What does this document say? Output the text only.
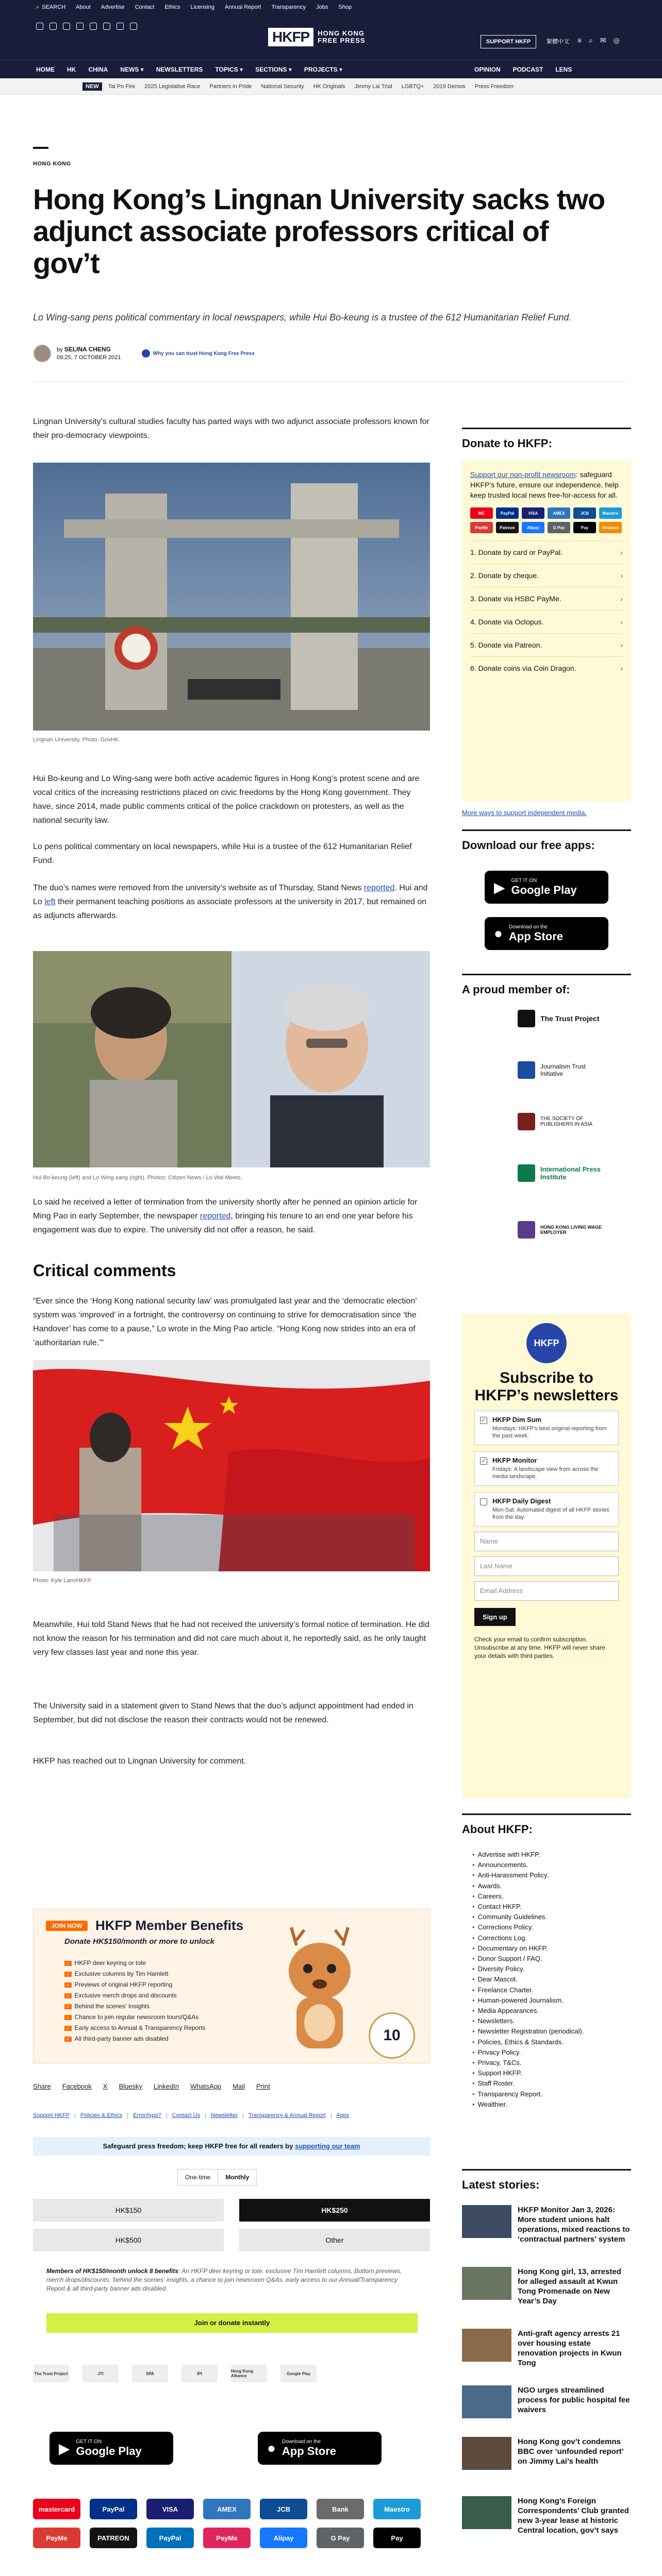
⌕ SEARCH About Advertise Contact Ethics Licensing Annual Report Transparency Jobs Shop
HKFP	HONG KONG
FREE PRESS	SUPPORT HKFP	繁體中文 ≡ ⌕ ✉ ◎
HOME HK CHINA NEWS ▾ NEWSLETTERS TOPICS ▾ SECTIONS ▾ PROJECTS ▾	OPINION PODCAST LENS
NEW	Tai Po Fire 2025 Legislative Race Partners in Pride National Security HK Originals Jimmy Lai Trial LGBTQ+ 2019 Demos Press Freedom
HONG KONG
Hong Kong’s Lingnan University sacks two adjunct associate professors critical of gov’t
Lo Wing-sang pens political commentary in local newspapers, while Hui Bo-keung is a trustee of the 612 Humanitarian Relief Fund.
by SELINA CHENG
09:25, 7 OCTOBER 2021
Why you can trust Hong Kong Free Press

Lingnan University’s cultural studies faculty has parted ways with two adjunct associate professors known for their pro-democracy viewpoints.

Lingnan University. Photo: GovHK.

Hui Bo-keung and Lo Wing-sang were both active academic figures in Hong Kong’s protest scene and are vocal critics of the increasing restrictions placed on civic freedoms by the Hong Kong government. They have, since 2014, made public comments critical of the police crackdown on protesters, as well as the national security law.

Lo pens political commentary on local newspapers, while Hui is a trustee of the 612 Humanitarian Relief Fund.

The duo’s names were removed from the university’s website as of Thursday, Stand News reported. Hui and Lo left their permanent teaching positions as associate professors at the university in 2017, but remained on as adjuncts afterwards.

Hui Bo-keung (left) and Lo Wing-sang (right). Photos: Citizen News / Lo Wai Meets.

Lo said he received a letter of termination from the university shortly after he penned an opinion article for Ming Pao in early September, the newspaper reported, bringing his tenure to an end one year before his engagement was due to expire. The university did not offer a reason, he said.

Critical comments

“Ever since the ‘Hong Kong national security law’ was promulgated last year and the ‘democratic election’ system was ‘improved’ in a fortnight, the controversy on continuing to strive for democratisation since ‘the Handover’ has come to a pause,” Lo wrote in the Ming Pao article. “Hong Kong now strides into an era of ‘authoritarian rule.’”

Photo: Kyle Lam/HKFP.

Meanwhile, Hui told Stand News that he had not received the university’s formal notice of termination. He did not know the reason for his termination and did not care much about it, he reportedly said, as he only taught very few classes last year and none this year.

The University said in a statement given to Stand News that the duo’s adjunct appointment had ended in September, but did not disclose the reason their contracts would not be renewed.

HKFP has reached out to Lingnan University for comment.

JOIN NOW HKFP Member Benefits
Donate HK$150/month or more to unlock
✓ HKFP deer keyring or tote
✓ Exclusive columns by Tim Hamlett
✓ Previews of original HKFP reporting
✓ Exclusive merch drops and discounts
✓ Behind the scenes' Insights
✓ Chance to join regular newsroom tours/Q&As
✓ Early access to Annual & Transparency Reports
✓ All third-party banner ads disabled	10
Share Facebook X Bluesky LinkedIn WhatsApp Mail Print
Support HKFP | Policies & Ethics | Error/typo? | Contact Us | Newsletter | Transparency & Annual Report | Apps
Safeguard press freedom; keep HKFP free for all readers by supporting our team
One-time	Monthly
HK$150	HK$250
HK$500	Other

Members of HK$150/month unlock 8 benefits: An HKFP deer keyring or tote, exclusive Tim Hamlett columns, Bottom previews, merch drops/discounts, 'behind the scenes' insights, a chance to join newsroom Q&As, early access to our Annual/Transparency Report & all third-party banner ads disabled.

Join or donate instantly
The Trust Project	JTI	SPA	IPI	Hong Kong Alliance	Google Play
▶ GET IT ON
Google Play	● Download on the
App Store
mastercard	PayPal	VISA	AMEX	JCB	Bank	Maestro
PayMe	PATREON	PayPal	PayMe	Alipay	G Pay	Pay

Donate to HKFP:

Support our non-profit newsroom: safeguard HKFP’s future, ensure our independence, help keep trusted local news free-for-access for all.

MC	PayPal	VISA	AMEX	JCB	Maestro
PayMe	Patreon	Alipay	G Pay	Pay	Octopus
1. Donate by card or PayPal.	›
2. Donate by cheque.	›
3. Donate via HSBC PayMe.	›
4. Donate via Octopus.	›
5. Donate via Patreon.	›
6. Donate coins via Coin Dragon.	›
More ways to support independent media.
Download our free apps:
▶ GET IT ON
Google Play
● Download on the
App Store
A proud member of:
The Trust Project
Journalism Trust Initiative
THE SOCIETY OF PUBLISHERS IN ASIA
International Press Institute
HONG KONG LIVING WAGE EMPLOYER
HKFP
Subscribe to HKFP’s newsletters
✓ HKFP Dim Sum
Mondays: HKFP's best original reporting from the past week.
✓ HKFP Monitor
Fridays: A landscape view from across the media landscape.
HKFP Daily Digest
Mon-Sat: Automated digest of all HKFP stories from the day.
Name
Last Name
Email Address
Sign up

Check your email to confirm subscription. Unsubscribe at any time. HKFP will never share your details with third parties.

About HKFP:
• Advertise with HKFP.
• Announcements.
• Anti-Harassment Policy.
• Awards.
• Careers.
• Contact HKFP.
• Community Guidelines.
• Corrections Policy.
• Corrections Log.
• Documentary on HKFP.
• Donor Support / FAQ.
• Diversity Policy.
• Dear Mascot.
• Freelance Charter.
• Human-powered Journalism.
• Media Appearances.
• Newsletters.
• Newsletter Registration (periodical).
• Policies, Ethics & Standards.
• Privacy Policy.
• Privacy, T&Cs.
• Support HKFP.
• Staff Roster.
• Transparency Report.
• Wealthier.
Latest stories:
HKFP Monitor Jan 3, 2026: More student unions halt operations, mixed reactions to ‘contractual partners’ system
Hong Kong girl, 13, arrested for alleged assault at Kwun Tong Promenade on New Year’s Day
Anti-graft agency arrests 21 over housing estate renovation projects in Kwun Tong
NGO urges streamlined process for public hospital fee waivers
Hong Kong gov’t condemns BBC over ‘unfounded report’ on Jimmy Lai’s health
Hong Kong’s Foreign Correspondents’ Club granted new 3-year lease at historic Central location, gov’t says
